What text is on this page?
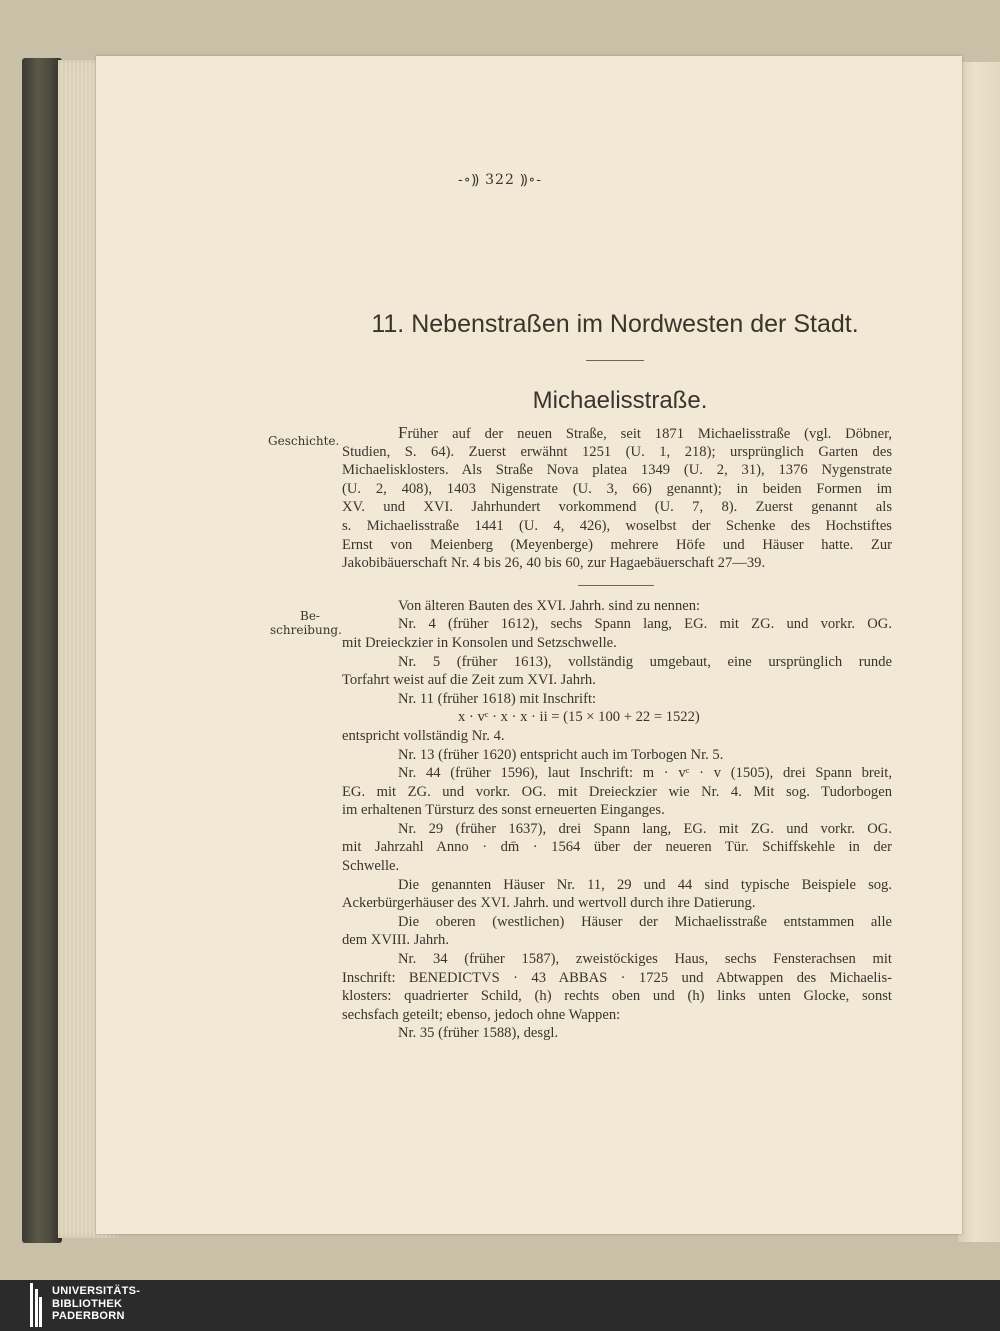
-∘⸩ 322 ⸩∘-
11. Nebenstraßen im Nordwesten der Stadt.
Michaelisstraße.
Geschichte.
Be-
schreibung.
Früher auf der neuen Straße, seit 1871 Michaelisstraße (vgl. Döbner,
Studien, S. 64). Zuerst erwähnt 1251 (U. 1, 218); ursprünglich Garten des
Michaelisklosters. Als Straße Nova platea 1349 (U. 2, 31), 1376 Nygenstrate
(U. 2, 408), 1403 Nigenstrate (U. 3, 66) genannt); in beiden Formen im
XV. und XVI. Jahrhundert vorkommend (U. 7, 8). Zuerst genannt als
s. Michaelisstraße 1441 (U. 4, 426), woselbst der Schenke des Hochstiftes
Ernst von Meienberg (Meyenberge) mehrere Höfe und Häuser hatte. Zur
Jakobibäuerschaft Nr. 4 bis 26, 40 bis 60, zur Hagaebäuerschaft 27—39.
Von älteren Bauten des XVI. Jahrh. sind zu nennen:
Nr. 4 (früher 1612), sechs Spann lang, EG. mit ZG. und vorkr. OG.
mit Dreieckzier in Konsolen und Setzschwelle.
Nr. 5 (früher 1613), vollständig umgebaut, eine ursprünglich runde
Torfahrt weist auf die Zeit zum XVI. Jahrh.
Nr. 11 (früher 1618) mit Inschrift:
x · vᶜ · x · x · ii = (15 × 100 + 22 = 1522)
entspricht vollständig Nr. 4.
Nr. 13 (früher 1620) entspricht auch im Torbogen Nr. 5.
Nr. 44 (früher 1596), laut Inschrift: m · vᶜ · v (1505), drei Spann breit,
EG. mit ZG. und vorkr. OG. mit Dreieckzier wie Nr. 4. Mit sog. Tudorbogen
im erhaltenen Türsturz des sonst erneuerten Einganges.
Nr. 29 (früher 1637), drei Spann lang, EG. mit ZG. und vorkr. OG.
mit Jahrzahl Anno · dm̄ · 1564 über der neueren Tür. Schiffskehle in der
Schwelle.
Die genannten Häuser Nr. 11, 29 und 44 sind typische Beispiele sog.
Ackerbürgerhäuser des XVI. Jahrh. und wertvoll durch ihre Datierung.
Die oberen (westlichen) Häuser der Michaelisstraße entstammen alle
dem XVIII. Jahrh.
Nr. 34 (früher 1587), zweistöckiges Haus, sechs Fensterachsen mit
Inschrift: BENEDICTVS · 43 ABBAS · 1725 und Abtwappen des Michaelis-
klosters: quadrierter Schild, (h) rechts oben und (h) links unten Glocke, sonst
sechsfach geteilt; ebenso, jedoch ohne Wappen:
Nr. 35 (früher 1588), desgl.
UNIVERSITÄTS-
BIBLIOTHEK
PADERBORN
